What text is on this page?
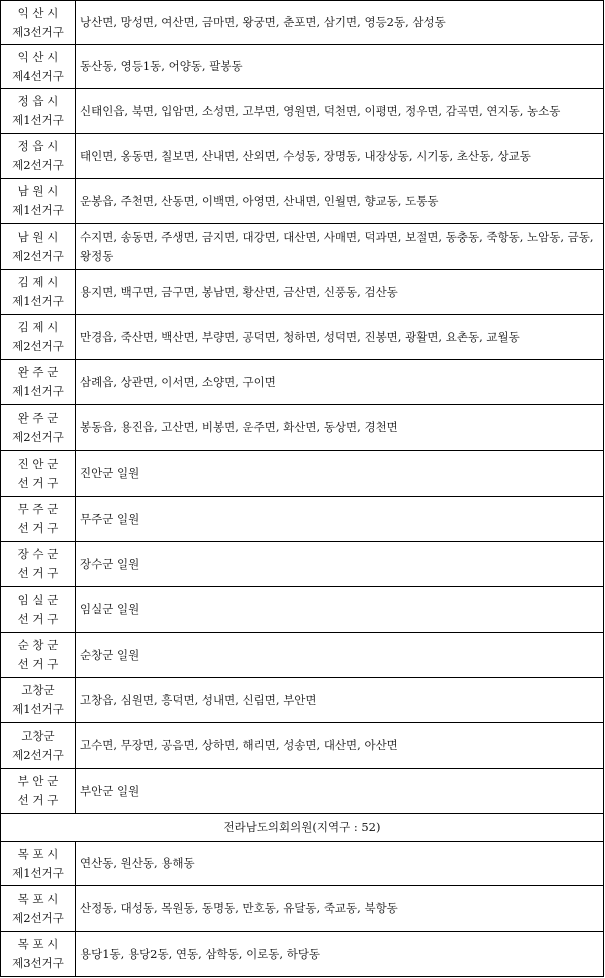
익 산 시
제3선거구	낭산면, 망성면, 여산면, 금마면, 왕궁면, 춘포면, 삼기면, 영등2동, 삼성동

익 산 시
제4선거구	동산동, 영등1동, 어양동, 팔봉동

정 읍 시
제1선거구	신태인읍, 북면, 입암면, 소성면, 고부면, 영원면, 덕천면, 이평면, 정우면, 감곡면, 연지동, 농소동

정 읍 시
제2선거구	태인면, 옹동면, 칠보면, 산내면, 산외면, 수성동, 장명동, 내장상동, 시기동, 초산동, 상교동

남 원 시
제1선거구	운봉읍, 주천면, 산동면, 이백면, 아영면, 산내면, 인월면, 향교동, 도통동

남 원 시
제2선거구	수지면, 송동면, 주생면, 금지면, 대강면, 대산면, 사매면, 덕과면, 보절면, 동충동, 죽항동, 노암동, 금동, 왕정동

김 제 시
제1선거구	용지면, 백구면, 금구면, 봉남면, 황산면, 금산면, 신풍동, 검산동

김 제 시
제2선거구	만경읍, 죽산면, 백산면, 부량면, 공덕면, 청하면, 성덕면, 진봉면, 광활면, 요촌동, 교월동

완 주 군
제1선거구	삼례읍, 상관면, 이서면, 소양면, 구이면

완 주 군
제2선거구	봉동읍, 용진읍, 고산면, 비봉면, 운주면, 화산면, 동상면, 경천면

진 안 군
선 거 구	진안군 일원

무 주 군
선 거 구	무주군 일원

장 수 군
선 거 구	장수군 일원

임 실 군
선 거 구	임실군 일원

순 창 군
선 거 구	순창군 일원

고창군
제1선거구	고창읍, 심원면, 흥덕면, 성내면, 신림면, 부안면

고창군
제2선거구	고수면, 무장면, 공음면, 상하면, 해리면, 성송면, 대산면, 아산면

부 안 군
선 거 구	부안군 일원
전라남도의회의원(지역구 : 52)	

목 포 시
제1선거구	연산동, 원산동, 용해동

목 포 시
제2선거구	산정동, 대성동, 목원동, 동명동, 만호동, 유달동, 죽교동, 북항동

목 포 시
제3선거구	용당1동, 용당2동, 연동, 삼학동, 이로동, 하당동
